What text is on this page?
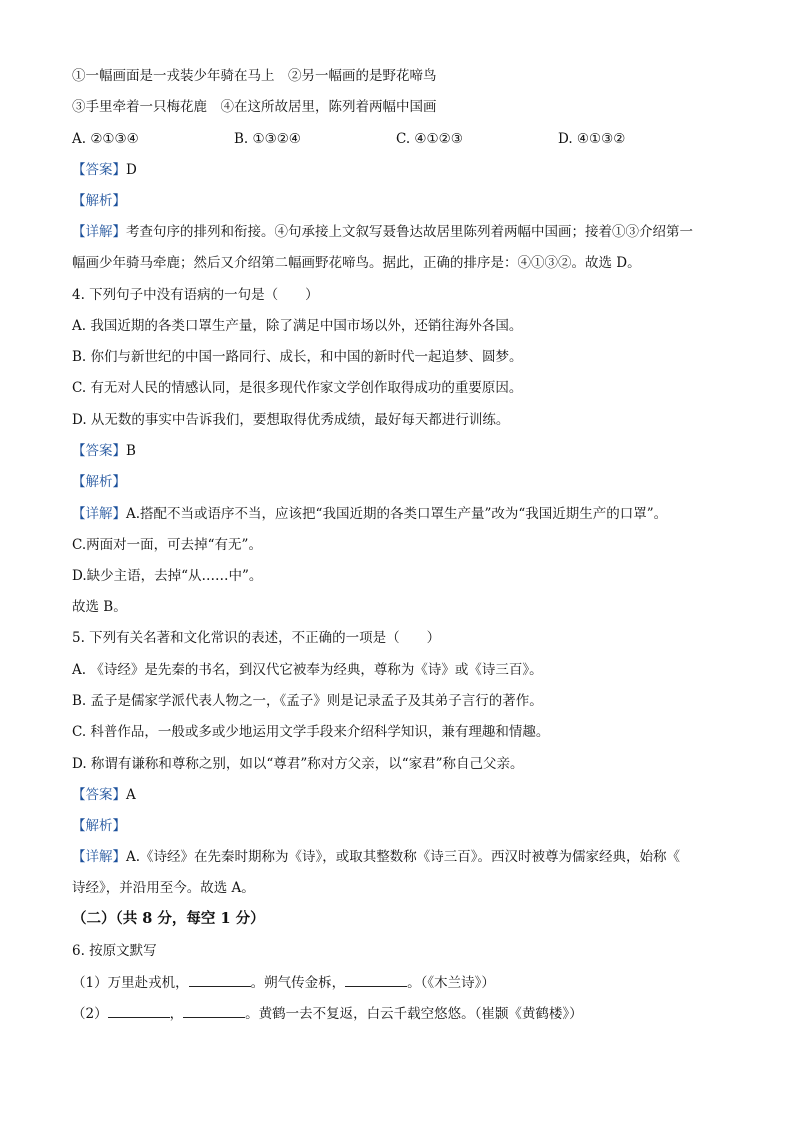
①一幅画面是一戎装少年骑在马上　②另一幅画的是野花啼鸟
③手里牵着一只梅花鹿　④在这所故居里，陈列着两幅中国画
A. ②①③④	B. ①③②④	C. ④①②③	D. ④①③②
【答案】D
【解析】
【详解】考查句序的排列和衔接。④句承接上文叙写聂鲁达故居里陈列着两幅中国画；接着①③介绍第一
幅画少年骑马牵鹿；然后又介绍第二幅画野花啼鸟。据此，正确的排序是：④①③②。故选 D。
4. 下列句子中没有语病的一句是（　　）
A. 我国近期的各类口罩生产量，除了满足中国市场以外，还销往海外各国。
B. 你们与新世纪的中国一路同行、成长，和中国的新时代一起追梦、圆梦。
C. 有无对人民的情感认同，是很多现代作家文学创作取得成功的重要原因。
D. 从无数的事实中告诉我们，要想取得优秀成绩，最好每天都进行训练。
【答案】B
【解析】
【详解】A.搭配不当或语序不当，应该把“我国近期的各类口罩生产量”改为“我国近期生产的口罩”。
C.两面对一面，可去掉“有无”。
D.缺少主语，去掉“从……中”。
故选 B。
5. 下列有关名著和文化常识的表述，不正确的一项是（　　）
A. 《诗经》是先秦的书名，到汉代它被奉为经典，尊称为《诗》或《诗三百》。
B. 孟子是儒家学派代表人物之一，《孟子》则是记录孟子及其弟子言行的著作。
C. 科普作品，一般或多或少地运用文学手段来介绍科学知识，兼有理趣和情趣。
D. 称谓有谦称和尊称之别，如以“尊君”称对方父亲，以“家君”称自己父亲。
【答案】A
【解析】
【详解】A.《诗经》在先秦时期称为《诗》，或取其整数称《诗三百》。西汉时被尊为儒家经典，始称《
诗经》，并沿用至今。故选 A。
（二）（共 8 分，每空 1 分）
6. 按原文默写
（1）万里赴戎机，	。朔气传金柝，	。（《木兰诗》）
（2）	，	。黄鹤一去不复返，白云千载空悠悠。（崔颢《黄鹤楼》）
